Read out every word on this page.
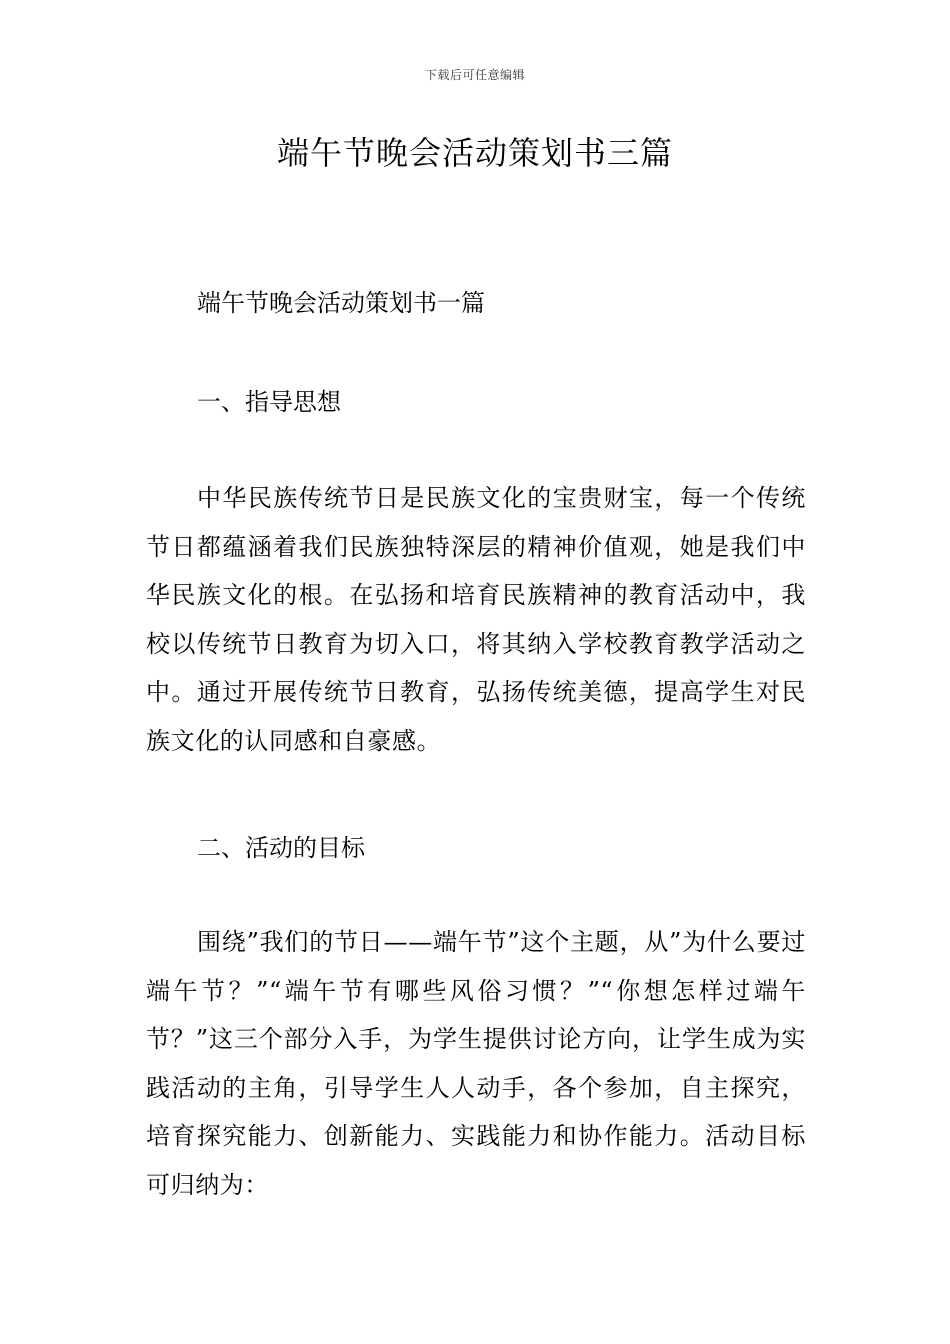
下载后可任意编辑
端午节晚会活动策划书三篇

端午节晚会活动策划书一篇

一、指导思想

中华民族传统节日是民族文化的宝贵财宝，每一个传统节日都蕴涵着我们民族独特深层的精神价值观，她是我们中华民族文化的根。在弘扬和培育民族精神的教育活动中，我校以传统节日教育为切入口，将其纳入学校教育教学活动之中。通过开展传统节日教育，弘扬传统美德，提高学生对民族文化的认同感和自豪感。

二、活动的目标

围绕”我们的节日——端午节”这个主题，从”为什么要过端午节？”“端午节有哪些风俗习惯？”“你想怎样过端午节？”这三个部分入手，为学生提供讨论方向，让学生成为实践活动的主角，引导学生人人动手，各个参加，自主探究，培育探究能力、创新能力、实践能力和协作能力。活动目标可归纳为：
